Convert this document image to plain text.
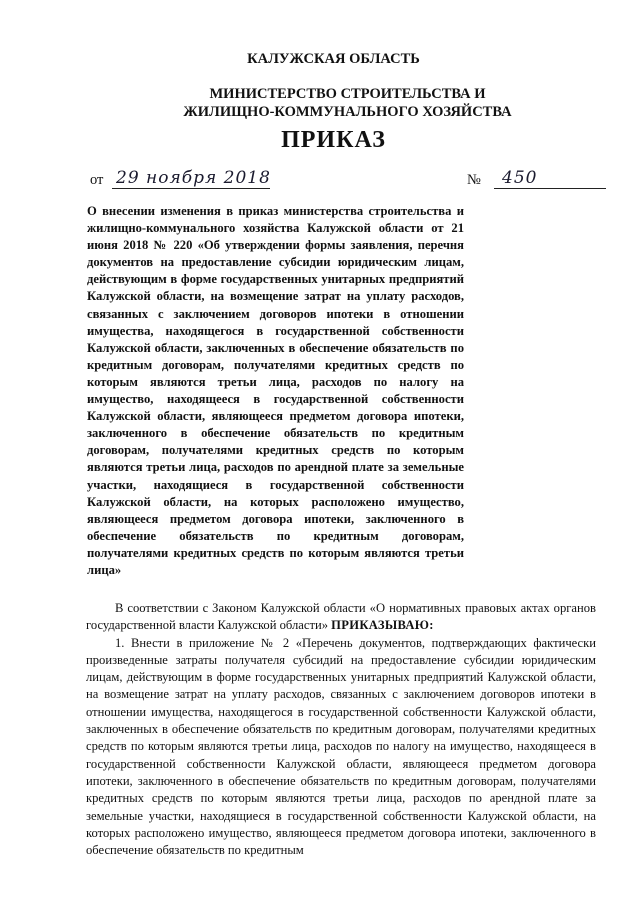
КАЛУЖСКАЯ ОБЛАСТЬ
МИНИСТЕРСТВО СТРОИТЕЛЬСТВА И
ЖИЛИЩНО-КОММУНАЛЬНОГО ХОЗЯЙСТВА
ПРИКАЗ
от 29 ноября 2018	№ 450
О внесении изменения в приказ министерства строительства и жилищно-коммунального хозяйства Калужской области от 21 июня 2018 № 220 «Об утверждении формы заявления, перечня документов на предоставление субсидии юридическим лицам, действующим в форме государственных унитарных предприятий Калужской области, на возмещение затрат на уплату расходов, связанных с заключением договоров ипотеки в отношении имущества, находящегося в государственной собственности Калужской области, заключенных в обеспечение обязательств по кредитным договорам, получателями кредитных средств по которым являются третьи лица, расходов по налогу на имущество, находящееся в государственной собственности Калужской области, являющееся предметом договора ипотеки, заключенного в обеспечение обязательств по кредитным договорам, получателями кредитных средств по которым являются третьи лица, расходов по арендной плате за земельные участки, находящиеся в государственной собственности Калужской области, на которых расположено имущество, являющееся предметом договора ипотеки, заключенного в обеспечение обязательств по кредитным договорам, получателями кредитных средств по которым являются третьи лица»

В соответствии с Законом Калужской области «О нормативных правовых актах органов государственной власти Калужской области» ПРИКАЗЫВАЮ:

1. Внести в приложение № 2 «Перечень документов, подтверждающих фактически произведенные затраты получателя субсидий на предоставление субсидии юридическим лицам, действующим в форме государственных унитарных предприятий Калужской области, на возмещение затрат на уплату расходов, связанных с заключением договоров ипотеки в отношении имущества, находящегося в государственной собственности Калужской области, заключенных в обеспечение обязательств по кредитным договорам, получателями кредитных средств по которым являются третьи лица, расходов по налогу на имущество, находящееся в государственной собственности Калужской области, являющееся предметом договора ипотеки, заключенного в обеспечение обязательств по кредитным договорам, получателями кредитных средств по которым являются третьи лица, расходов по арендной плате за земельные участки, находящиеся в государственной собственности Калужской области, на которых расположено имущество, являющееся предметом договора ипотеки, заключенного в обеспечение обязательств по кредитным
